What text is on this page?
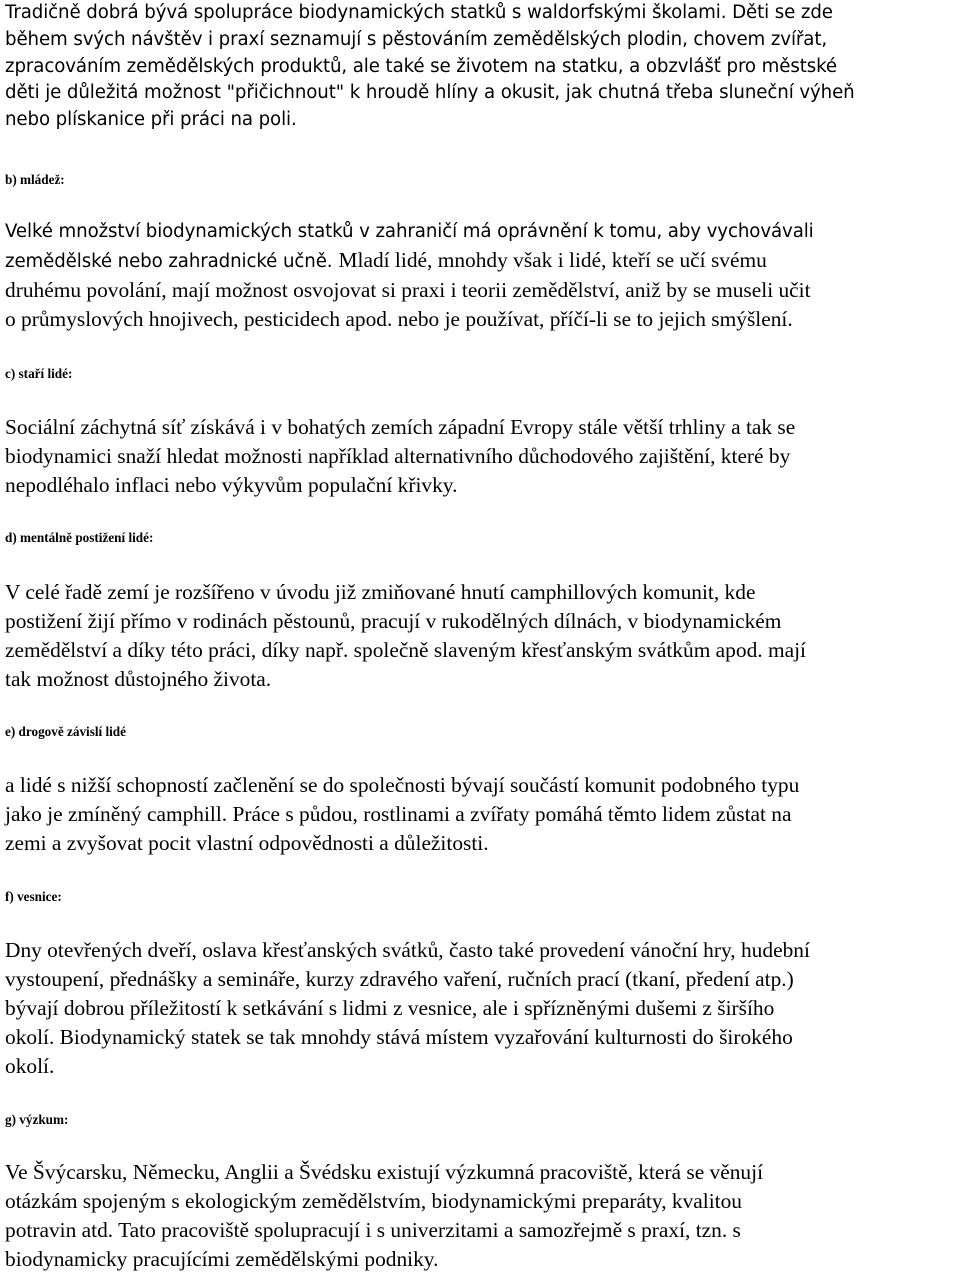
Tradičně dobrá bývá spolupráce biodynamických statků s waldorfskými školami. Děti se zde
během svých návštěv i praxí seznamují s pěstováním zemědělských plodin, chovem zvířat,
zpracováním zemědělských produktů, ale také se životem na statku, a obzvlášť pro městské
děti je důležitá možnost "přičichnout" k hroudě hlíny a okusit, jak chutná třeba sluneční výheň
nebo plískanice při práci na poli.
b) mládež:
Velké množství biodynamických statků v zahraničí má oprávnění k tomu, aby vychovávali
zemědělské nebo zahradnické učně. Mladí lidé, mnohdy však i lidé, kteří se učí svému
druhému povolání, mají možnost osvojovat si praxi i teorii zemědělství, aniž by se museli učit
o průmyslových hnojivech, pesticidech apod. nebo je používat, příčí-li se to jejich smýšlení.
c) staří lidé:
Sociální záchytná síť získává i v bohatých zemích západní Evropy stále větší trhliny a tak se
biodynamici snaží hledat možnosti například alternativního důchodového zajištění, které by
nepodléhalo inflaci nebo výkyvům populační křivky.
d) mentálně postižení lidé:
V celé řadě zemí je rozšířeno v úvodu již zmiňované hnutí camphillových komunit, kde
postižení žijí přímo v rodinách pěstounů, pracují v rukodělných dílnách, v biodynamickém
zemědělství a díky této práci, díky např. společně slaveným křesťanským svátkům apod. mají
tak možnost důstojného života.
e) drogově závislí lidé
a lidé s nižší schopností začlenění se do společnosti bývají součástí komunit podobného typu
jako je zmíněný camphill. Práce s půdou, rostlinami a zvířaty pomáhá těmto lidem zůstat na
zemi a zvyšovat pocit vlastní odpovědnosti a důležitosti.
f) vesnice:
Dny otevřených dveří, oslava křesťanských svátků, často také provedení vánoční hry, hudební
vystoupení, přednášky a semináře, kurzy zdravého vaření, ručních prací (tkaní, předení atp.)
bývají dobrou příležitostí k setkávání s lidmi z vesnice, ale i spřízněnými dušemi z širšího
okolí. Biodynamický statek se tak mnohdy stává místem vyzařování kulturnosti do širokého
okolí.
g) výzkum:
Ve Švýcarsku, Německu, Anglii a Švédsku existují výzkumná pracoviště, která se věnují
otázkám spojeným s ekologickým zemědělstvím, biodynamickými preparáty, kvalitou
potravin atd. Tato pracoviště spolupracují i s univerzitami a samozřejmě s praxí, tzn. s
biodynamicky pracujícími zemědělskými podniky.
